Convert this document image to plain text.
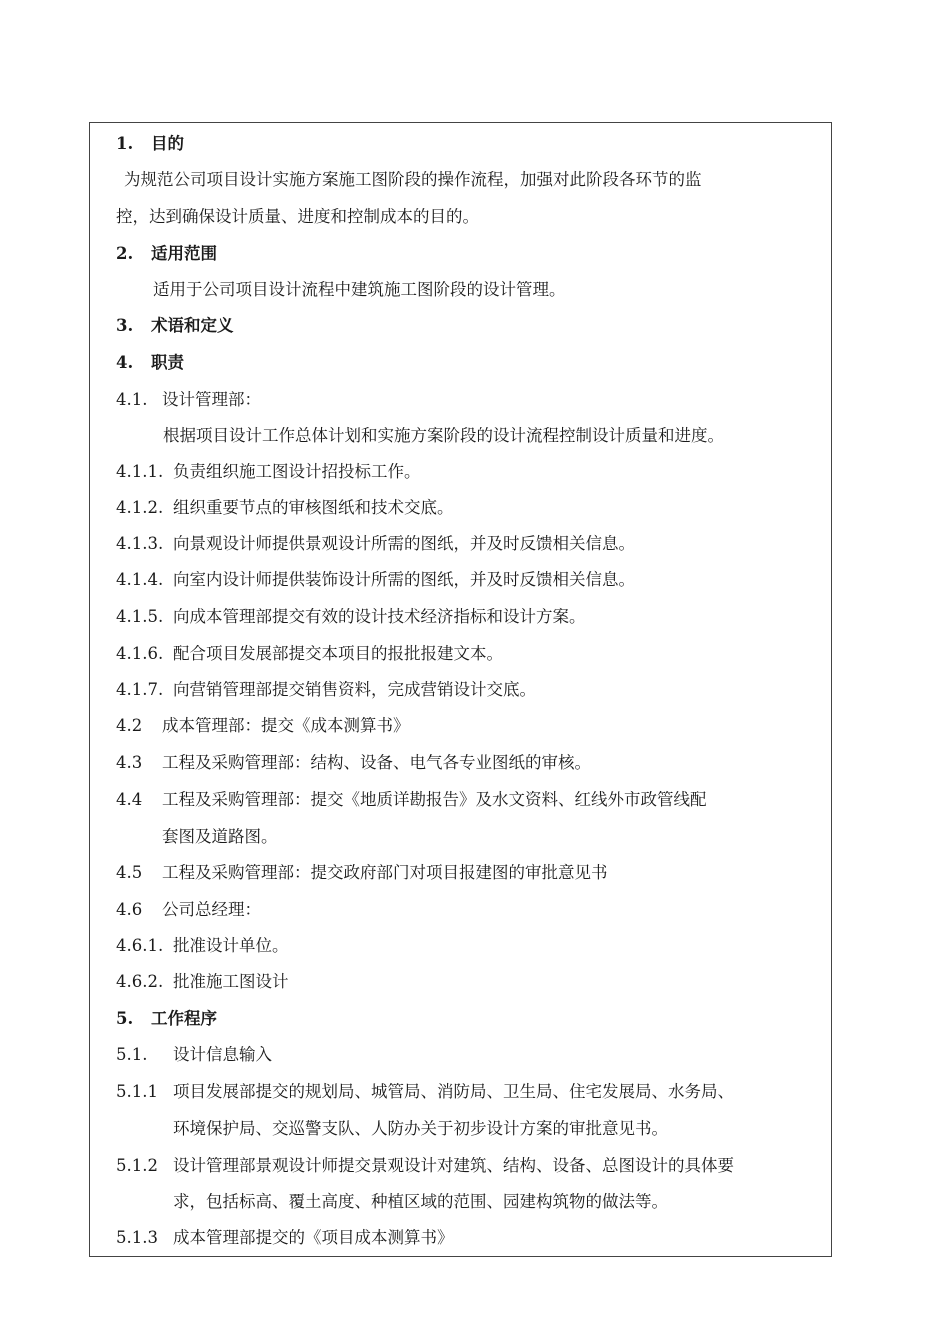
1. 目的
为规范公司项目设计实施方案施工图阶段的操作流程，加强对此阶段各环节的监
控，达到确保设计质量、进度和控制成本的目的。
2. 适用范围
适用于公司项目设计流程中建筑施工图阶段的设计管理。
3. 术语和定义
4. 职责
4.1. 设计管理部：
根据项目设计工作总体计划和实施方案阶段的设计流程控制设计质量和进度。
4.1.1. 负责组织施工图设计招投标工作。
4.1.2. 组织重要节点的审核图纸和技术交底。
4.1.3. 向景观设计师提供景观设计所需的图纸，并及时反馈相关信息。
4.1.4. 向室内设计师提供装饰设计所需的图纸，并及时反馈相关信息。
4.1.5. 向成本管理部提交有效的设计技术经济指标和设计方案。
4.1.6. 配合项目发展部提交本项目的报批报建文本。
4.1.7. 向营销管理部提交销售资料，完成营销设计交底。
4.2 成本管理部：提交《成本测算书》
4.3 工程及采购管理部：结构、设备、电气各专业图纸的审核。
4.4 工程及采购管理部：提交《地质详勘报告》及水文资料、红线外市政管线配
套图及道路图。
4.5 工程及采购管理部：提交政府部门对项目报建图的审批意见书
4.6 公司总经理：
4.6.1. 批准设计单位。
4.6.2. 批准施工图设计
5. 工作程序
5.1. 设计信息输入
5.1.1 项目发展部提交的规划局、城管局、消防局、卫生局、住宅发展局、水务局、
环境保护局、交巡警支队、人防办关于初步设计方案的审批意见书。
5.1.2 设计管理部景观设计师提交景观设计对建筑、结构、设备、总图设计的具体要
求，包括标高、覆土高度、种植区域的范围、园建构筑物的做法等。
5.1.3 成本管理部提交的《项目成本测算书》
